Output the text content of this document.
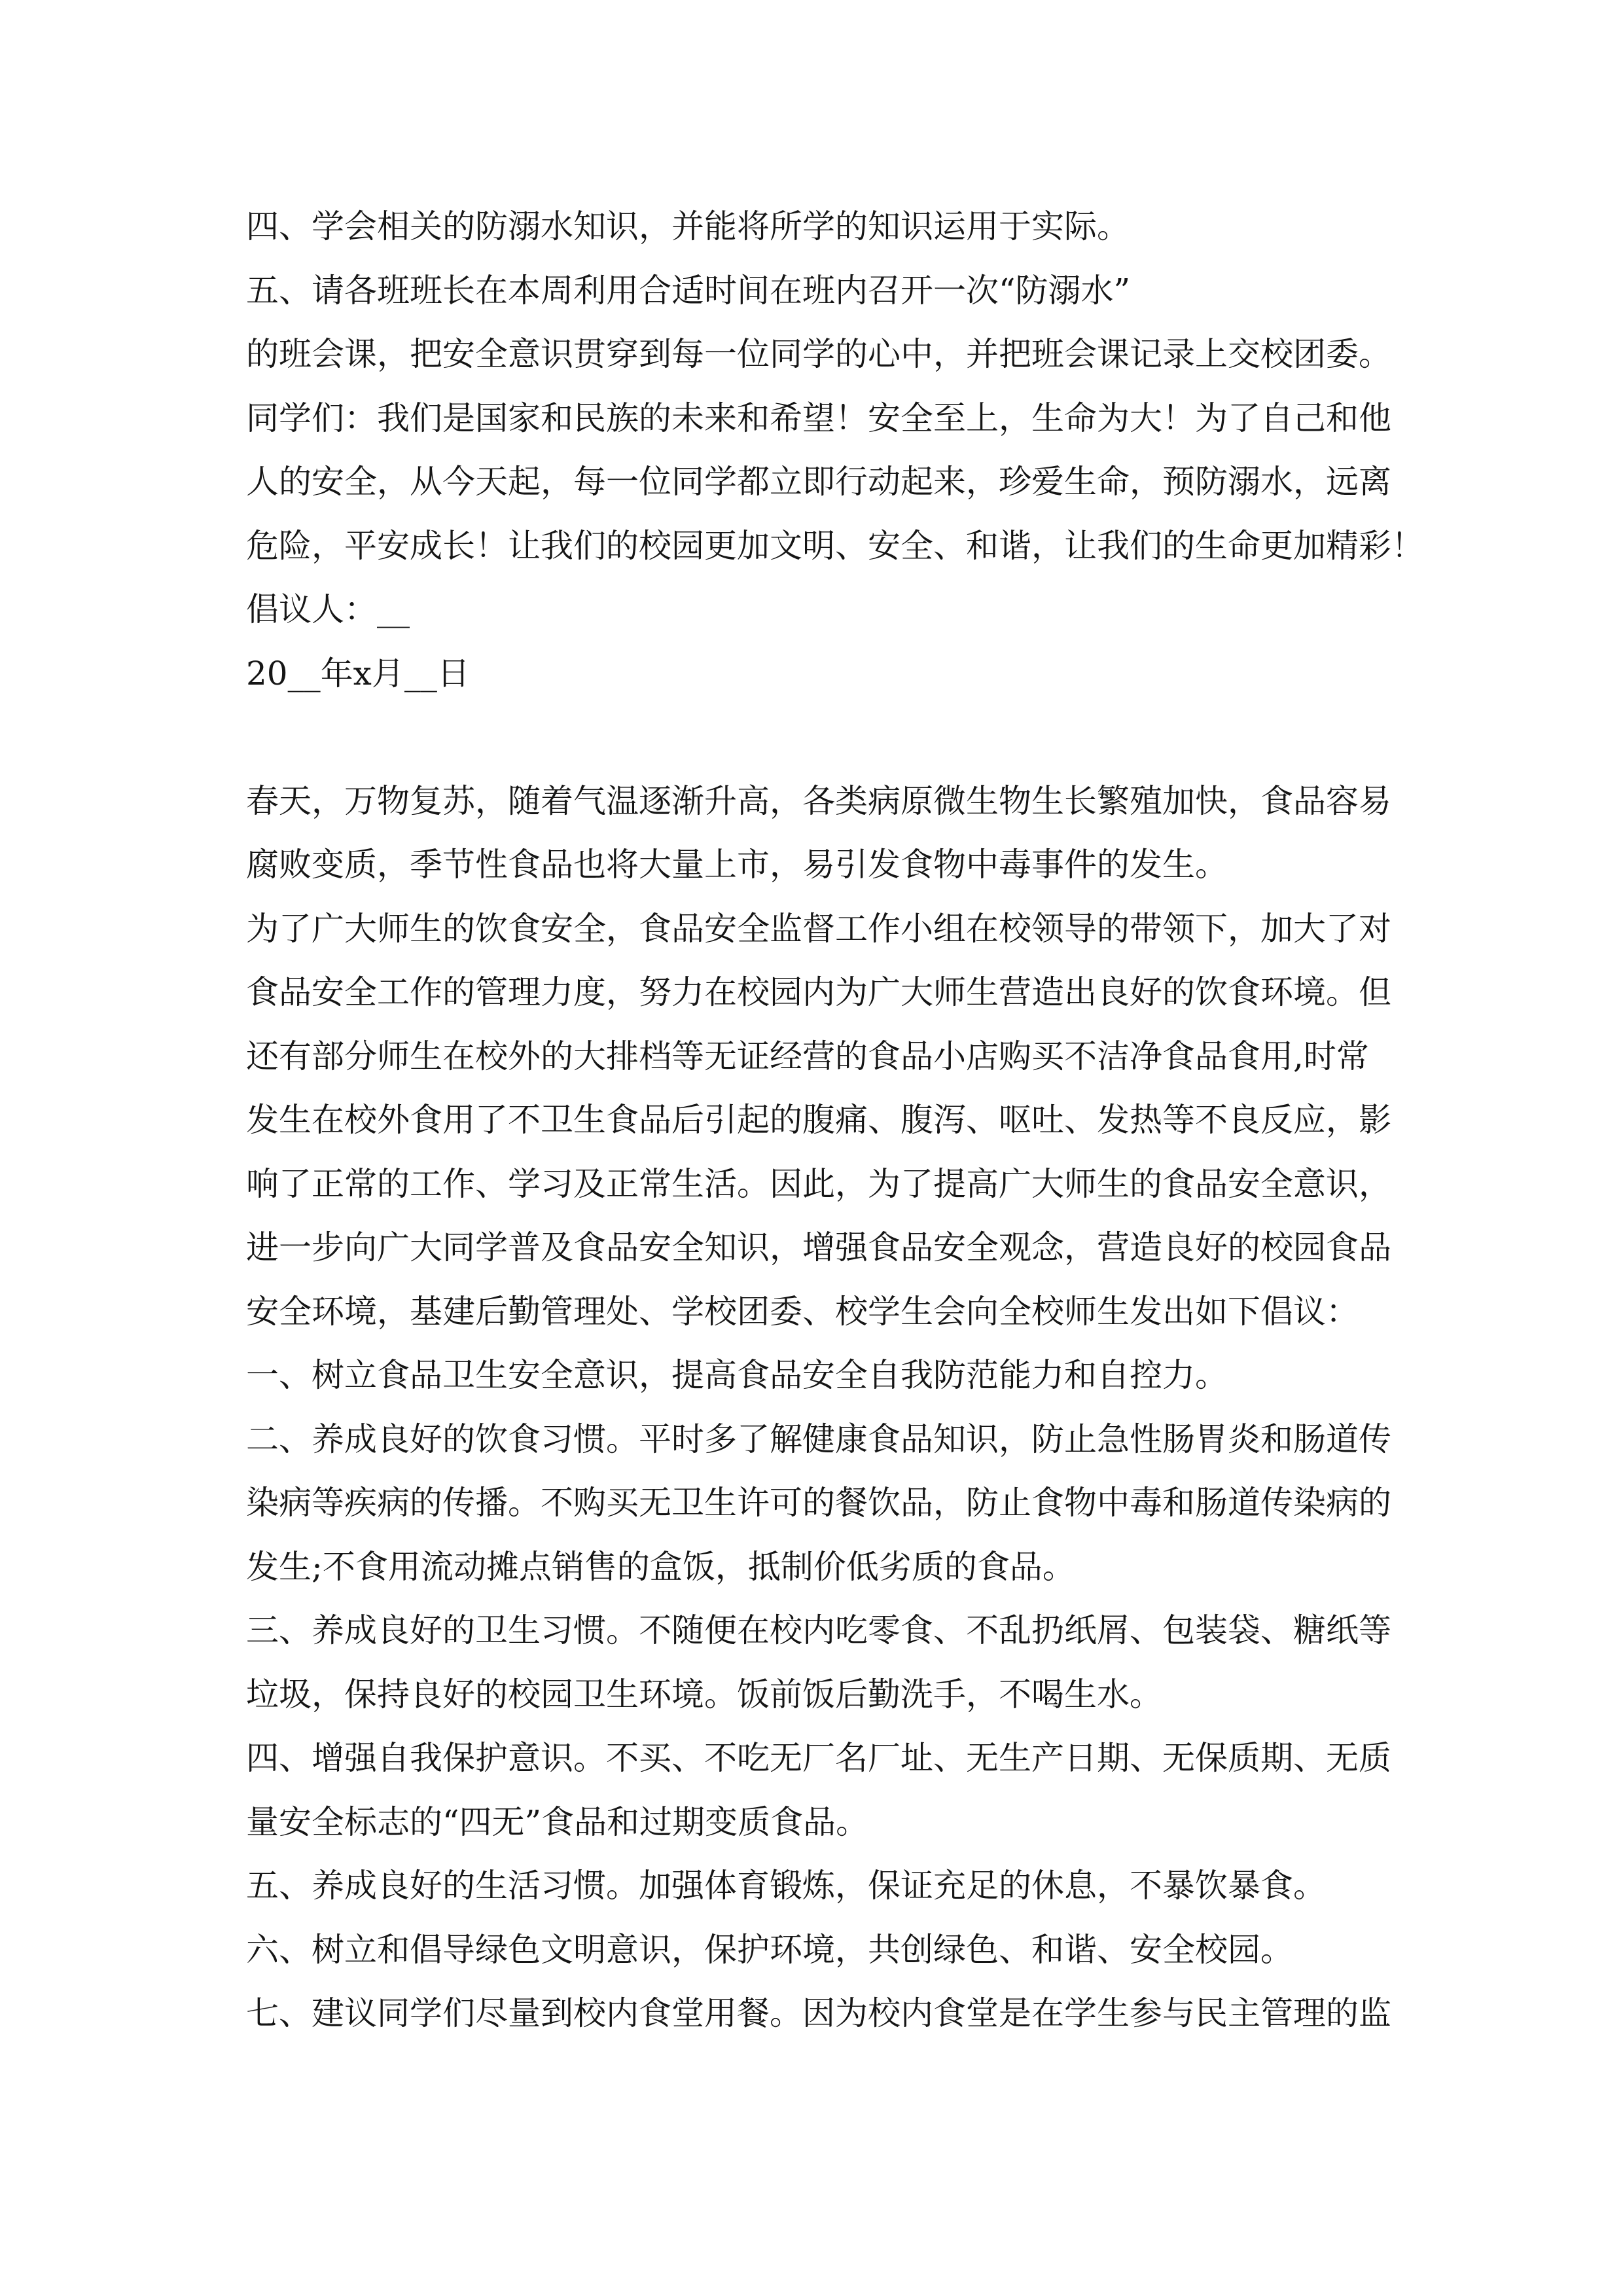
四、学会相关的防溺水知识，并能将所学的知识运用于实际。
五、请各班班长在本周利用合适时间在班内召开一次“防溺水”
的班会课，把安全意识贯穿到每一位同学的心中，并把班会课记录上交校团委。
同学们：我们是国家和民族的未来和希望！安全至上，生命为大！为了自己和他
人的安全，从今天起，每一位同学都立即行动起来，珍爱生命，预防溺水，远离
危险，平安成长！让我们的校园更加文明、安全、和谐，让我们的生命更加精彩！
倡议人：__
20__年x月__日
春天，万物复苏，随着气温逐渐升高，各类病原微生物生长繁殖加快，食品容易
腐败变质，季节性食品也将大量上市，易引发食物中毒事件的发生。
为了广大师生的饮食安全，食品安全监督工作小组在校领导的带领下，加大了对
食品安全工作的管理力度，努力在校园内为广大师生营造出良好的饮食环境。但
还有部分师生在校外的大排档等无证经营的食品小店购买不洁净食品食用,时常
发生在校外食用了不卫生食品后引起的腹痛、腹泻、呕吐、发热等不良反应，影
响了正常的工作、学习及正常生活。因此，为了提高广大师生的食品安全意识，
进一步向广大同学普及食品安全知识，增强食品安全观念，营造良好的校园食品
安全环境，基建后勤管理处、学校团委、校学生会向全校师生发出如下倡议：
一、树立食品卫生安全意识，提高食品安全自我防范能力和自控力。
二、养成良好的饮食习惯。平时多了解健康食品知识，防止急性肠胃炎和肠道传
染病等疾病的传播。不购买无卫生许可的餐饮品，防止食物中毒和肠道传染病的
发生;不食用流动摊点销售的盒饭，抵制价低劣质的食品。
三、养成良好的卫生习惯。不随便在校内吃零食、不乱扔纸屑、包装袋、糖纸等
垃圾，保持良好的校园卫生环境。饭前饭后勤洗手，不喝生水。
四、增强自我保护意识。不买、不吃无厂名厂址、无生产日期、无保质期、无质
量安全标志的“四无”食品和过期变质食品。
五、养成良好的生活习惯。加强体育锻炼，保证充足的休息，不暴饮暴食。
六、树立和倡导绿色文明意识，保护环境，共创绿色、和谐、安全校园。
七、建议同学们尽量到校内食堂用餐。因为校内食堂是在学生参与民主管理的监
